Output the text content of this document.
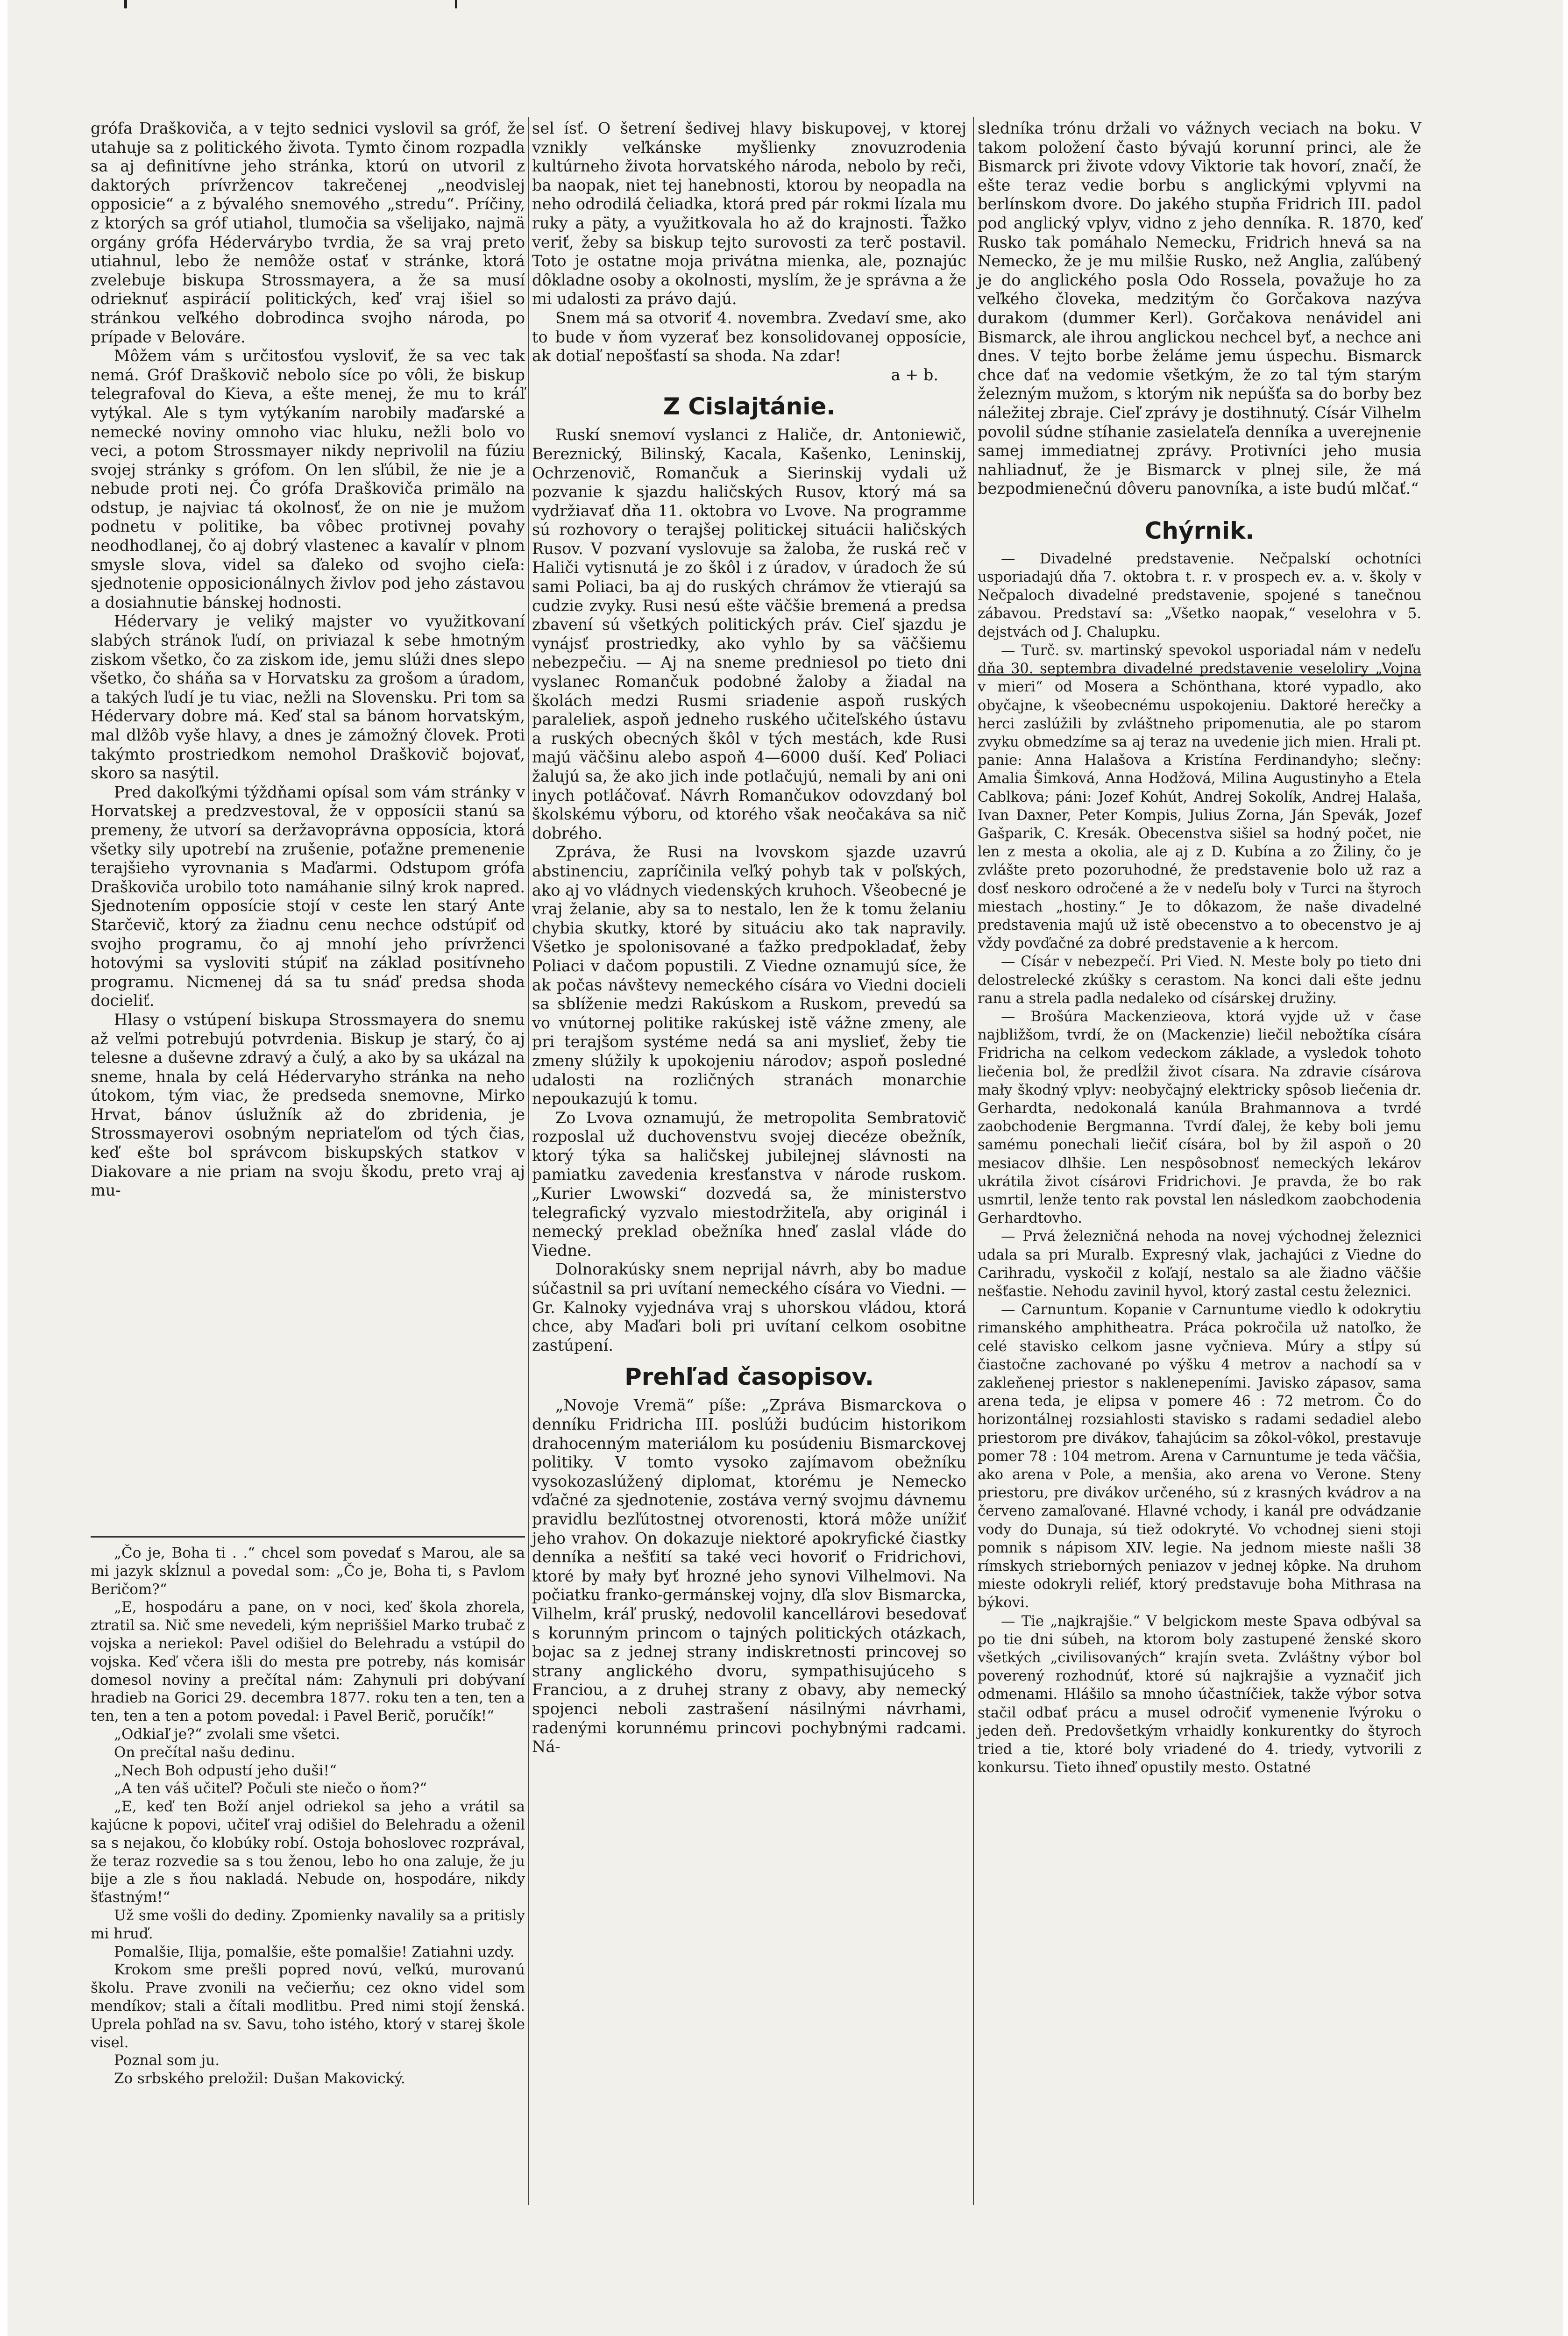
grófa Draškoviča, a v tejto sednici vyslovil sa gróf, že utahuje sa z politického života. Tymto činom rozpadla sa aj definitívne jeho stránka, ktorú on utvoril z daktorých prívržencov takrečenej „neodvislej opposicie“ a z bývalého snemového „stredu“. Príčiny, z ktorých sa gróf utiahol, tlumočia sa všelijako, najmä orgány grófa Hédervárybo tvrdia, že sa vraj preto utiahnul, lebo že nemôže ostať v stránke, ktorá zvelebuje biskupa Strossmayera, a že sa musí odrieknuť aspirácií politických, keď vraj išiel so stránkou veľkého dobrodinca svojho národa, po prípade v Belováre.

Môžem vám s určitosťou vysloviť, že sa vec tak nemá. Gróf Draškovič nebolo síce po vôli, že biskup telegrafoval do Kieva, a ešte menej, že mu to kráľ vytýkal. Ale s tym vytýkaním narobily maďarské a nemecké noviny omnoho viac hluku, nežli bolo vo veci, a potom Strossmayer nikdy neprivolil na fúziu svojej stránky s grófom. On len sľúbil, že nie je a nebude proti nej. Čo grófa Draškoviča primälo na odstup, je najviac tá okolnosť, že on nie je mužom podnetu v politike, ba vôbec protivnej povahy neodhodlanej, čo aj dobrý vlastenec a kavalír v plnom smysle slova, videl sa ďaleko od svojho cieľa: sjednotenie opposicionálnych živlov pod jeho zástavou a dosiahnutie bánskej hodnosti.

Hédervary je veliký majster vo využitkovaní slabých stránok ľudí, on priviazal k sebe hmotným ziskom všetko, čo za ziskom ide, jemu slúži dnes slepo všetko, čo sháňa sa v Horvatsku za grošom a úradom, a takých ľudí je tu viac, nežli na Slovensku. Pri tom sa Hédervary dobre má. Keď stal sa bánom horvatským, mal dlžôb vyše hlavy, a dnes je zámožný človek. Proti takýmto prostriedkom nemohol Draškovič bojovať, skoro sa nasýtil.

Pred dakoľkými týždňami opísal som vám stránky v Horvatskej a predzvestoval, že v opposícii stanú sa premeny, že utvorí sa deržavoprávna opposícia, ktorá všetky sily upotrebí na zrušenie, poťažne premenenie terajšieho vyrovnania s Maďarmi. Odstupom grófa Draškoviča urobilo toto namáhanie silný krok napred. Sjednotením opposície stojí v ceste len starý Ante Starčevič, ktorý za žiadnu cenu nechce odstúpiť od svojho programu, čo aj mnohí jeho prívrženci hotovými sa vysloviti stúpiť na základ positívneho programu. Nicmenej dá sa tu snáď predsa shoda docieliť.

Hlasy o vstúpení biskupa Strossmayera do snemu až veľmi potrebujú potvrdenia. Biskup je starý, čo aj telesne a duševne zdravý a čulý, a ako by sa ukázal na sneme, hnala by celá Hédervaryho stránka na neho útokom, tým viac, že predseda snemovne, Mirko Hrvat, bánov úslužník až do zbridenia, je Strossmayerovi osobným nepriateľom od tých čias, keď ešte bol správcom biskupských statkov v Diakovare a nie priam na svoju škodu, preto vraj aj mu-

„Čo je, Boha ti . .“ chcel som povedať s Marou, ale sa mi jazyk skĺznul a povedal som: „Čo je, Boha ti, s Pavlom Beričom?“

„E, hospodáru a pane, on v noci, keď škola zhorela, ztratil sa. Nič sme nevedeli, kým nepriššiel Marko trubač z vojska a neriekol: Pavel odišiel do Belehradu a vstúpil do vojska. Keď včera išli do mesta pre potreby, nás komisár domesol noviny a prečítal nám: Zahynuli pri dobývaní hradieb na Gorici 29. decembra 1877. roku ten a ten, ten a ten, ten a ten a potom povedal: i Pavel Berič, poručík!“

„Odkiaľ je?“ zvolali sme všetci.

On prečítal našu dedinu.

„Nech Boh odpustí jeho duši!“

„A ten váš učiteľ? Počuli ste niečo o ňom?“

„E, keď ten Boží anjel odriekol sa jeho a vrátil sa kajúcne k popovi, učiteľ vraj odišiel do Belehradu a oženil sa s nejakou, čo klobúky robí. Ostoja bohoslovec rozprával, že teraz rozvedie sa s tou ženou, lebo ho ona zaluje, že ju bije a zle s ňou nakladá. Nebude on, hospodáre, nikdy šťastným!“

Už sme vošli do dediny. Zpomienky navalily sa a pritisly mi hruď.

Pomalšie, Ilija, pomalšie, ešte pomalšie! Zatiahni uzdy.

Krokom sme prešli popred novú, veľkú, murovanú školu. Prave zvonili na večierňu; cez okno videl som mendíkov; stali a čítali modlitbu. Pred nimi stojí ženská. Uprela pohľad na sv. Savu, toho istého, ktorý v starej škole visel.

Poznal som ju.

Zo srbského preložil: Dušan Makovický.

sel ísť. O šetrení šedivej hlavy biskupovej, v ktorej vznikly veľkánske myšlienky znovuzrodenia kultúrneho života horvatského národa, nebolo by reči, ba naopak, niet tej hanebnosti, ktorou by neopadla na neho odrodilá čeliadka, ktorá pred pár rokmi lízala mu ruky a päty, a využitkovala ho až do krajnosti. Ťažko veriť, žeby sa biskup tejto surovosti za terč postavil. Toto je ostatne moja privátna mienka, ale, poznajúc dôkladne osoby a okolnosti, myslím, že je správna a že mi udalosti za právo dajú.

Snem má sa otvoriť 4. novembra. Zvedaví sme, ako to bude v ňom vyzerať bez konsolidovanej opposície, ak dotiaľ nepošťastí sa shoda. Na zdar!

a + b.

Z Cislajtánie.

Ruskí snemoví vyslanci z Haliče, dr. Antoniewič, Bereznický, Bilinský, Kacala, Kašenko, Leninskij, Ochrzenovič, Romančuk a Sierinskij vydali už pozvanie k sjazdu haličských Rusov, ktorý má sa vydržiavať dňa 11. oktobra vo Lvove. Na programme sú rozhovory o terajšej politickej situácii haličských Rusov. V pozvaní vyslovuje sa žaloba, že ruská reč v Haliči vytisnutá je zo škôl i z úradov, v úradoch že sú sami Poliaci, ba aj do ruských chrámov že vtierajú sa cudzie zvyky. Rusi nesú ešte väčšie bremená a predsa zbavení sú všetkých politických práv. Cieľ sjazdu je vynájsť prostriedky, ako vyhlo by sa väčšiemu nebezpečiu. — Aj na sneme predniesol po tieto dni vyslanec Romančuk podobné žaloby a žiadal na školách medzi Rusmi sriadenie aspoň ruských paraleliek, aspoň jedneho ruského učiteľského ústavu a ruských obecných škôl v tých mestách, kde Rusi majú väčšinu alebo aspoň 4—6000 duší. Keď Poliaci žalujú sa, že ako jich inde potlačujú, nemali by ani oni inych potláčovať. Návrh Romančukov odovzdaný bol školskému výboru, od ktorého však neočakáva sa nič dobrého.

Zpráva, že Rusi na lvovskom sjazde uzavrú abstinenciu, zapríčinila veľký pohyb tak v poľských, ako aj vo vládnych viedenských kruhoch. Všeobecné je vraj želanie, aby sa to nestalo, len že k tomu želaniu chybia skutky, ktoré by situáciu ako tak napravily. Všetko je spolonisované a ťažko predpokladať, žeby Poliaci v dačom popustili. Z Viedne oznamujú síce, že ak počas návštevy nemeckého císára vo Viedni docieli sa sblíženie medzi Rakúskom a Ruskom, prevedú sa vo vnútornej politike rakúskej istě vážne zmeny, ale pri terajšom systéme nedá sa ani myslieť, žeby tie zmeny slúžily k upokojeniu národov; aspoň posledné udalosti na rozličných stranách monarchie nepoukazujú k tomu.

Zo Lvova oznamujú, že metropolita Sembratovič rozposlal už duchovenstvu svojej diecéze obežník, ktorý týka sa haličskej jubilejnej slávnosti na pamiatku zavedenia kresťanstva v národe ruskom. „Kurier Lwowski“ dozvedá sa, že ministerstvo telegrafický vyzvalo miestodržiteľa, aby originál i nemecký preklad obežníka hneď zaslal vláde do Viedne.

Dolnorakúsky snem neprijal návrh, aby bo madue súčastnil sa pri uvítaní nemeckého císára vo Viedni. — Gr. Kalnoky vyjednáva vraj s uhorskou vládou, ktorá chce, aby Maďari boli pri uvítaní celkom osobitne zastúpení.

Prehľad časopisov.

„Novoje Vremä“ píše: „Zpráva Bismarckova o denníku Fridricha III. poslúži budúcim historikom drahocenným materiálom ku posúdeniu Bismarckovej politiky. V tomto vysoko zajímavom obežníku vysokozaslúžený diplomat, ktorému je Nemecko vďačné za sjednotenie, zostáva verný svojmu dávnemu pravidlu bezľútostnej otvorenosti, ktorá môže unížiť jeho vrahov. On dokazuje niektoré apokryfické čiastky denníka a nešťití sa také veci hovoriť o Fridrichovi, ktoré by mały byť hrozné jeho synovi Vilhelmovi. Na počiatku franko-germánskej vojny, dľa slov Bismarcka, Vilhelm, kráľ pruský, nedovolil kancellárovi besedovať s korunným princom o tajných politických otázkach, bojac sa z jednej strany indiskretnosti princovej so strany anglického dvoru, sympathisujúceho s Franciou, a z druhej strany z obavy, aby nemecký spojenci neboli zastrašení násilnými návrhami, radenými korunnému princovi pochybnými radcami. Ná-

sledníka trónu držali vo vážnych veciach na boku. V takom položení často bývajú korunní princi, ale že Bismarck pri živote vdovy Viktorie tak hovorí, značí, že ešte teraz vedie borbu s anglickými vplyvmi na berlínskom dvore. Do jakého stupňa Fridrich III. padol pod anglický vplyv, vidno z jeho denníka. R. 1870, keď Rusko tak pomáhalo Nemecku, Fridrich hnevá sa na Nemecko, že je mu milšie Rusko, než Anglia, zaľúbený je do anglického posla Odo Rossela, považuje ho za veľkého človeka, medzitým čo Gorčakova nazýva durakom (dummer Kerl). Gorčakova nenávidel ani Bismarck, ale ihrou anglickou nechcel byť, a nechce ani dnes. V tejto borbe želáme jemu úspechu. Bismarck chce dať na vedomie všetkým, že zo tal tým starým železným mužom, s ktorým nik nepúšťa sa do borby bez náležitej zbraje. Cieľ zprávy je dostihnutý. Císár Vilhelm povolil súdne stíhanie zasielateľa denníka a uverejnenie samej immediatnej zprávy. Protivníci jeho musia nahliadnuť, že je Bismarck v plnej sile, že má bezpodmienečnú dôveru panovníka, a iste budú mlčať.“

Chýrnik.

— Divadelné predstavenie. Nečpalskí ochotníci usporiadajú dňa 7. oktobra t. r. v prospech ev. a. v. školy v Nečpaloch divadelné predstavenie, spojené s tanečnou zábavou. Predstaví sa: „Všetko naopak,“ veselohra v 5. dejstvách od J. Chalupku.

— Turč. sv. martinský spevokol usporiadal nám v nedeľu dňa 30. septembra divadelné predstavenie veseloliry „Vojna v mieri“ od Mosera a Schönthana, ktoré vypadlo, ako obyčajne, k všeobecnému uspokojeniu. Daktoré herečky a herci zaslúžili by zvláštneho pripomenutia, ale po starom zvyku obmedzíme sa aj teraz na uvedenie jich mien. Hrali pt. panie: Anna Halašova a Kristína Ferdinandyho; slečny: Amalia Šimková, Anna Hodžová, Milina Augustinyho a Etela Cablkova; páni: Jozef Kohút, Andrej Sokolík, Andrej Halaša, Ivan Daxner, Peter Kompis, Julius Zorna, Ján Spevák, Jozef Gašparik, C. Kresák. Obecenstva sišiel sa hodný počet, nie len z mesta a okolia, ale aj z D. Kubína a zo Žiliny, čo je zvlášte preto pozoruhodné, že predstavenie bolo už raz a dosť neskoro odročené a že v nedeľu boly v Turci na štyroch miestach „hostiny.“ Je to dôkazom, že naše divadelné predstavenia majú už istě obecenstvo a to obecenstvo je aj vždy povďačné za dobré predstavenie a k hercom.

— Císár v nebezpečí. Pri Vied. N. Meste boly po tieto dni delostrelecké zkúšky s cerastom. Na konci dali ešte jednu ranu a strela padla nedaleko od císárskej družiny.

— Brošúra Mackenzieova, ktorá vyjde už v čase najbližšom, tvrdí, že on (Mackenzie) liečil nebožtíka císára Fridricha na celkom vedeckom základe, a vysledok tohoto liečenia bol, že predĺžil život císara. Na zdravie císárova mały škodný vplyv: neobyčajný elektricky spôsob liečenia dr. Gerhardta, nedokonalá kanúla Brahmannova a tvrdé zaobchodenie Bergmanna. Tvrdí ďalej, že keby boli jemu samému ponechali liečiť císára, bol by žil aspoň o 20 mesiacov dlhšie. Len nespôsobnosť nemeckých lekárov ukrátila život císárovi Fridrichovi. Je pravda, že bo rak usmrtil, lenže tento rak povstal len následkom zaobchodenia Gerhardtovho.

— Prvá železničná nehoda na novej východnej železnici udala sa pri Muralb. Expresný vlak, jachajúci z Viedne do Carihradu, vyskočil z koľají, nestalo sa ale žiadno väčšie nešťastie. Nehodu zavinil hyvol, ktorý zastal cestu železnici.

— Carnuntum. Kopanie v Carnuntume viedlo k odokrytiu rimanského amphitheatra. Práca pokročila už natoľko, že celé stavisko celkom jasne vyčnieva. Múry a stĺpy sú čiastočne zachované po výšku 4 metrov a nachodí sa v zakleňenej priestor s naklenepeními. Javisko zápasov, sama arena teda, je elipsa v pomere 46 : 72 metrom. Čo do horizontálnej rozsiahlosti stavisko s radami sedadiel alebo priestorom pre divákov, ťahajúcim sa zôkol-vôkol, prestavuje pomer 78 : 104 metrom. Arena v Carnuntume je teda väčšia, ako arena v Pole, a menšia, ako arena vo Verone. Steny priestoru, pre divákov určeného, sú z krasných kvádrov a na červeno zamaľované. Hlavné vchody, i kanál pre odvádzanie vody do Dunaja, sú tiež odokryté. Vo vchodnej sieni stoji pomnik s nápisom XIV. legie. Na jednom mieste našli 38 rímskych strieborných peniazov v jednej kôpke. Na druhom mieste odokryli reliéf, ktorý predstavuje boha Mithrasa na býkovi.

— Tie „najkrajšie.“ V belgickom meste Spava odbýval sa po tie dni súbeh, na ktorom boly zastupené ženské skoro všetkých „civilisovaných“ krajín sveta. Zvláštny výbor bol poverený rozhodnúť, ktoré sú najkrajšie a vyznačiť jich odmenami. Hlášilo sa mnoho účastníčiek, takže výbor sotva stačil odbať prácu a musel odročiť vymenenie ľvýroku o jeden deň. Predovšetkým vrhaidly konkurentky do štyroch tried a tie, ktoré boly vriadené do 4. triedy, vytvorili z konkursu. Tieto ihneď opustily mesto. Ostatné
